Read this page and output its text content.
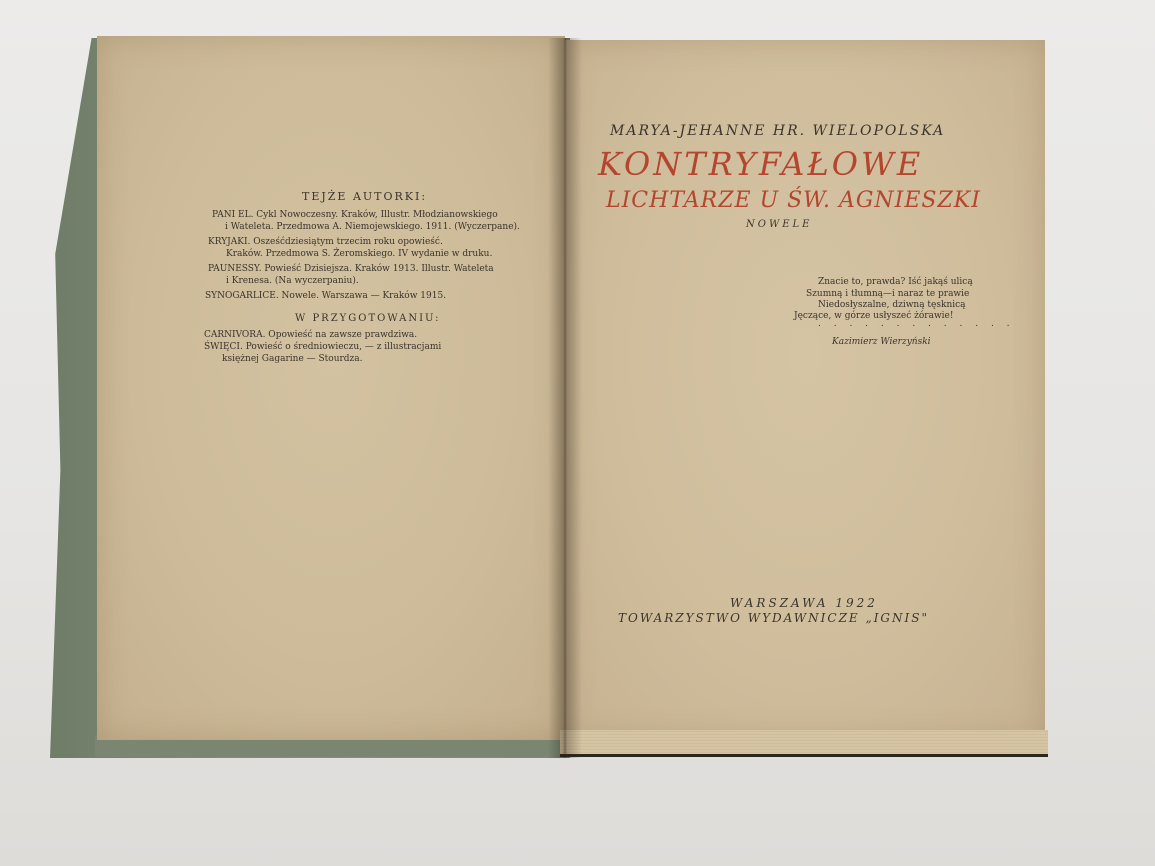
TEJŻE AUTORKI:
PANI EL. Cykl Nowoczesny. Kraków, Illustr. Młodzianowskiego
i Wateleta. Przedmowa A. Niemojewskiego. 1911. (Wyczerpane).
KRYJAKI. Osześćdziesiątym trzecim roku opowieść.
Kraków. Przedmowa S. Żeromskiego. IV wydanie w druku.
PAUNESSY. Powieść Dzisiejsza. Kraków 1913. Illustr. Wateleta
i Krenesa. (Na wyczerpaniu).
SYNOGARLICE. Nowele. Warszawa — Kraków 1915.
W PRZYGOTOWANIU:
CARNIVORA. Opowieść na zawsze prawdziwa.
ŚWIĘCI. Powieść o średniowieczu, — z illustracjami
księżnej Gagarine — Stourdza.
MARYA-JEHANNE HR. WIELOPOLSKA
KONTRYFAŁOWE
LICHTARZE U ŚW. AGNIESZKI
NOWELE
Znacie to, prawda? Iść jakąś ulicą
Szumną i tłumną—i naraz te prawie
Niedosłyszalne, dziwną tęsknicą
Jęczące, w górze usłyszeć żórawie!
. . . . . . . . . . . . .
Kazimierz Wierzyński
WARSZAWA 1922
TOWARZYSTWO WYDAWNICZE „IGNIS"
